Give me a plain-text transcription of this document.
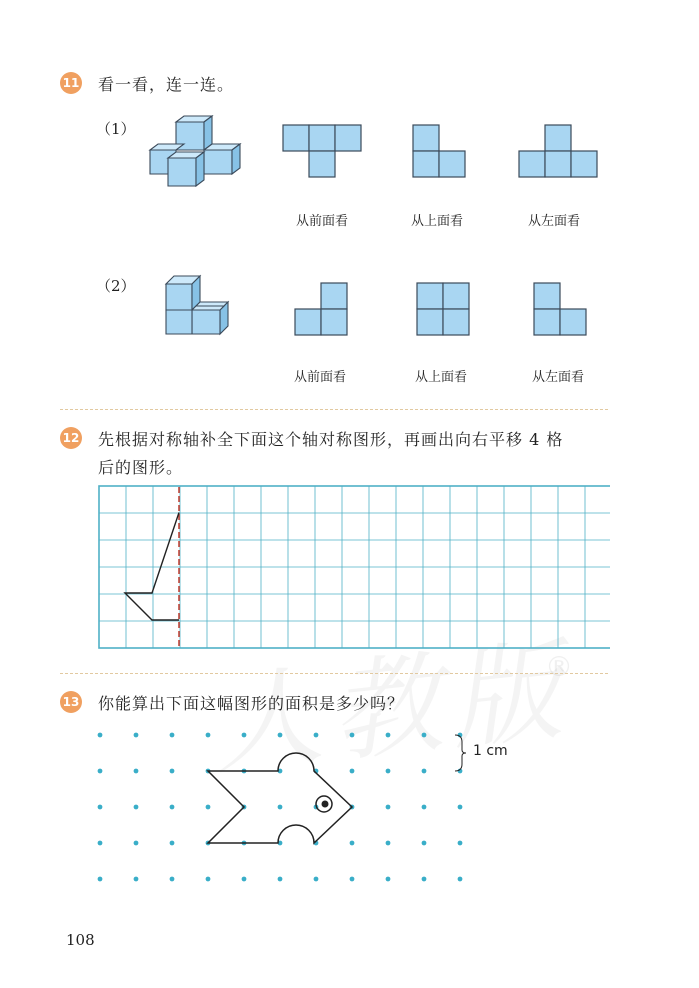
®
11 看一看，连一连。
（1）
从前面看	从上面看	从左面看
（2）
从前面看	从上面看	从左面看
12 先根据对称轴补全下面这个轴对称图形，再画出向右平移 4 格
后的图形。
13 你能算出下面这幅图形的面积是多少吗？
1 cm
108
